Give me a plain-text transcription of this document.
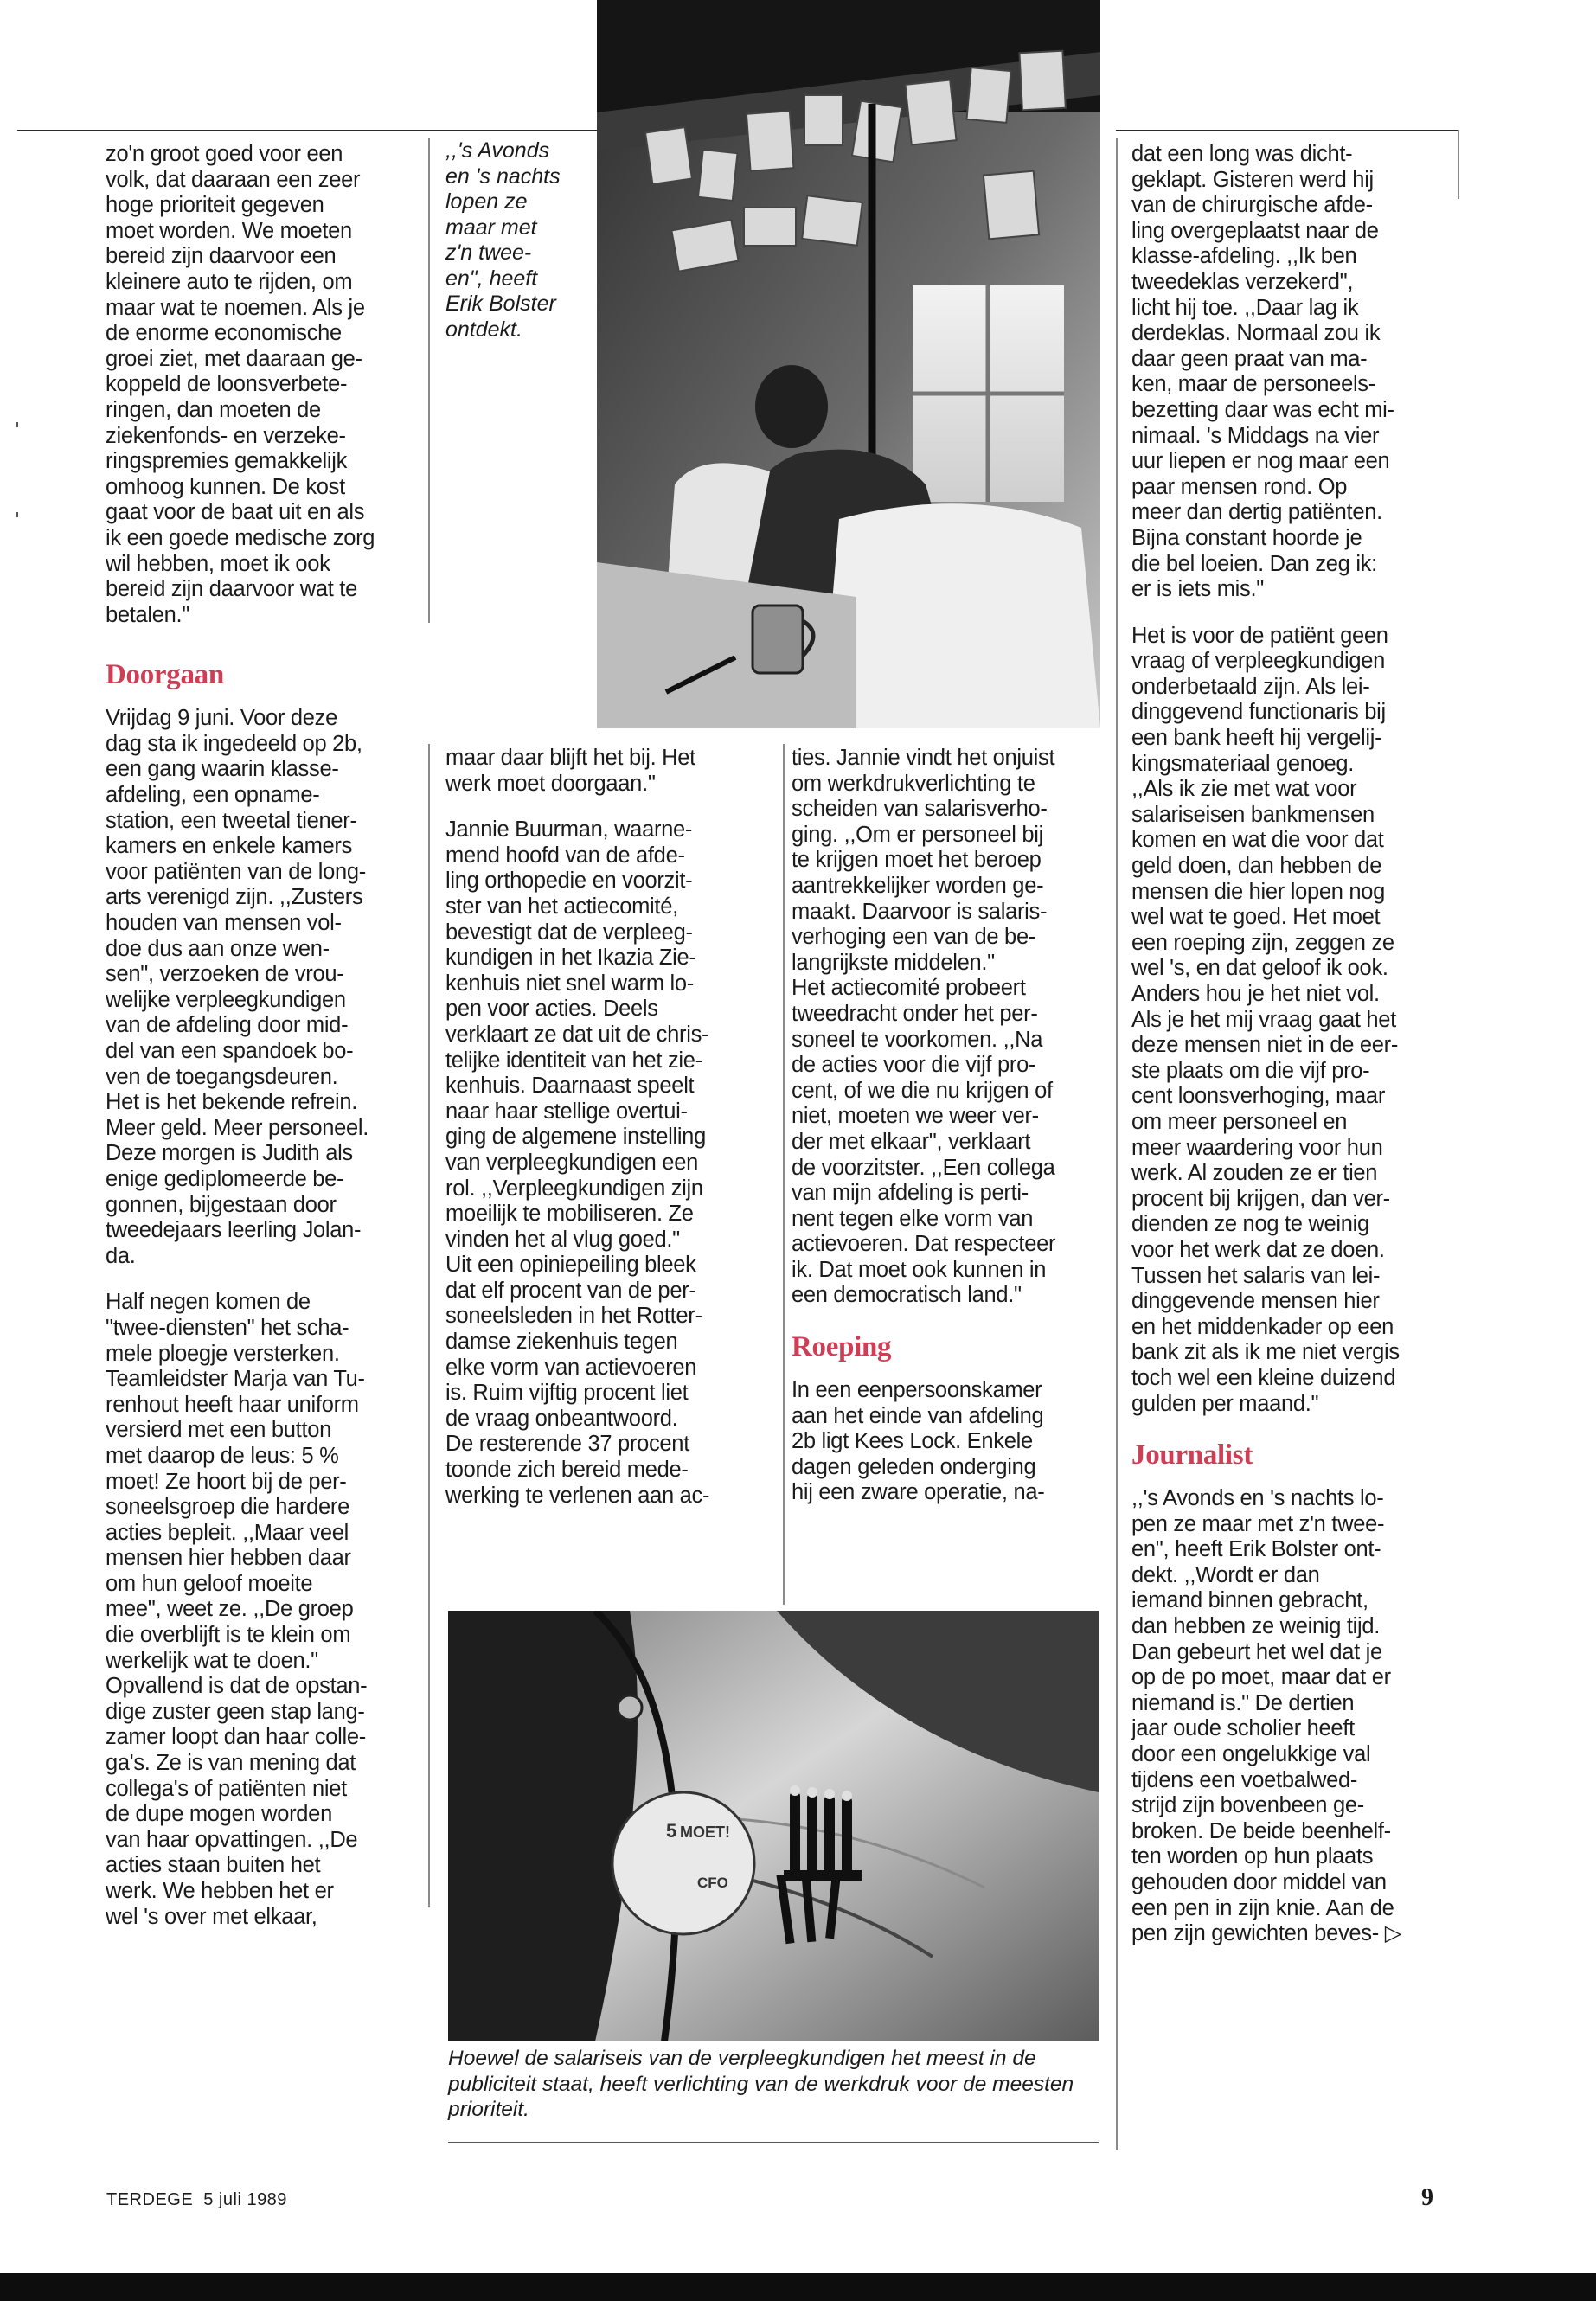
zo'n groot goed voor een
volk, dat daaraan een zeer
hoge prioriteit gegeven
moet worden. We moeten
bereid zijn daarvoor een
kleinere auto te rijden, om
maar wat te noemen. Als je
de enorme economische
groei ziet, met daaraan ge-
koppeld de loonsverbete-
ringen, dan moeten de
ziekenfonds- en verzeke-
ringspremies gemakkelijk
omhoog kunnen. De kost
gaat voor de baat uit en als
ik een goede medische zorg
wil hebben, moet ik ook
bereid zijn daarvoor wat te
betalen."

Doorgaan

Vrijdag 9 juni. Voor deze
dag sta ik ingedeeld op 2b,
een gang waarin klasse-
afdeling, een opname-
station, een tweetal tiener-
kamers en enkele kamers
voor patiënten van de long-
arts verenigd zijn. ,,Zusters
houden van mensen vol-
doe dus aan onze wen-
sen", verzoeken de vrou-
welijke verpleegkundigen
van de afdeling door mid-
del van een spandoek bo-
ven de toegangsdeuren.
Het is het bekende refrein.
Meer geld. Meer personeel.
Deze morgen is Judith als
enige gediplomeerde be-
gonnen, bijgestaan door
tweedejaars leerling Jolan-
da.

Half negen komen de
"twee-diensten" het scha-
mele ploegje versterken.
Teamleidster Marja van Tu-
renhout heeft haar uniform
versierd met een button
met daarop de leus: 5 %
moet! Ze hoort bij de per-
soneelsgroep die hardere
acties bepleit. ,,Maar veel
mensen hier hebben daar
om hun geloof moeite
mee", weet ze. ,,De groep
die overblijft is te klein om
werkelijk wat te doen."
Opvallend is dat de opstan-
dige zuster geen stap lang-
zamer loopt dan haar colle-
ga's. Ze is van mening dat
collega's of patiënten niet
de dupe mogen worden
van haar opvattingen. ,,De
acties staan buiten het
werk. We hebben het er
wel 's over met elkaar,

,,'s Avonds
en 's nachts
lopen ze
maar met
z'n twee-
en", heeft
Erik Bolster
ontdekt.

maar daar blijft het bij. Het
werk moet doorgaan."

Jannie Buurman, waarne-
mend hoofd van de afde-
ling orthopedie en voorzit-
ster van het actiecomité,
bevestigt dat de verpleeg-
kundigen in het Ikazia Zie-
kenhuis niet snel warm lo-
pen voor acties. Deels
verklaart ze dat uit de chris-
telijke identiteit van het zie-
kenhuis. Daarnaast speelt
naar haar stellige overtui-
ging de algemene instelling
van verpleegkundigen een
rol. ,,Verpleegkundigen zijn
moeilijk te mobiliseren. Ze
vinden het al vlug goed."
Uit een opiniepeiling bleek
dat elf procent van de per-
soneelsleden in het Rotter-
damse ziekenhuis tegen
elke vorm van actievoeren
is. Ruim vijftig procent liet
de vraag onbeantwoord.
De resterende 37 procent
toonde zich bereid mede-
werking te verlenen aan ac-

ties. Jannie vindt het onjuist
om werkdrukverlichting te
scheiden van salarisverho-
ging. ,,Om er personeel bij
te krijgen moet het beroep
aantrekkelijker worden ge-
maakt. Daarvoor is salaris-
verhoging een van de be-
langrijkste middelen."
Het actiecomité probeert
tweedracht onder het per-
soneel te voorkomen. ,,Na
de acties voor die vijf pro-
cent, of we die nu krijgen of
niet, moeten we weer ver-
der met elkaar", verklaart
de voorzitster. ,,Een collega
van mijn afdeling is perti-
nent tegen elke vorm van
actievoeren. Dat respecteer
ik. Dat moet ook kunnen in
een democratisch land."

Roeping

In een eenpersoonskamer
aan het einde van afdeling
2b ligt Kees Lock. Enkele
dagen geleden onderging
hij een zware operatie, na-

dat een long was dicht-
geklapt. Gisteren werd hij
van de chirurgische afde-
ling overgeplaatst naar de
klasse-afdeling. ,,Ik ben
tweedeklas verzekerd",
licht hij toe. ,,Daar lag ik
derdeklas. Normaal zou ik
daar geen praat van ma-
ken, maar de personeels-
bezetting daar was echt mi-
nimaal. 's Middags na vier
uur liepen er nog maar een
paar mensen rond. Op
meer dan dertig patiënten.
Bijna constant hoorde je
die bel loeien. Dan zeg ik:
er is iets mis."

Het is voor de patiënt geen
vraag of verpleegkundigen
onderbetaald zijn. Als lei-
dinggevend functionaris bij
een bank heeft hij vergelij-
kingsmateriaal genoeg.
,,Als ik zie met wat voor
salariseisen bankmensen
komen en wat die voor dat
geld doen, dan hebben de
mensen die hier lopen nog
wel wat te goed. Het moet
een roeping zijn, zeggen ze
wel 's, en dat geloof ik ook.
Anders hou je het niet vol.
Als je het mij vraag gaat het
deze mensen niet in de eer-
ste plaats om die vijf pro-
cent loonsverhoging, maar
om meer personeel en
meer waardering voor hun
werk. Al zouden ze er tien
procent bij krijgen, dan ver-
dienden ze nog te weinig
voor het werk dat ze doen.
Tussen het salaris van lei-
dinggevende mensen hier
en het middenkader op een
bank zit als ik me niet vergis
toch wel een kleine duizend
gulden per maand."

Journalist

,,'s Avonds en 's nachts lo-
pen ze maar met z'n twee-
en", heeft Erik Bolster ont-
dekt. ,,Wordt er dan
iemand binnen gebracht,
dan hebben ze weinig tijd.
Dan gebeurt het wel dat je
op de po moet, maar dat er
niemand is." De dertien
jaar oude scholier heeft
door een ongelukkige val
tijdens een voetbalwed-
strijd zijn bovenbeen ge-
broken. De beide beenhelf-
ten worden op hun plaats
gehouden door middel van
een pen in zijn knie. Aan de
pen zijn gewichten beves- ▷

5 MOET!
CFO
Hoewel de salariseis van de verpleegkundigen het meest in de publiciteit staat, heeft verlichting van de werkdruk voor de meesten prioriteit.
TERDEGE 5 juli 1989	9
